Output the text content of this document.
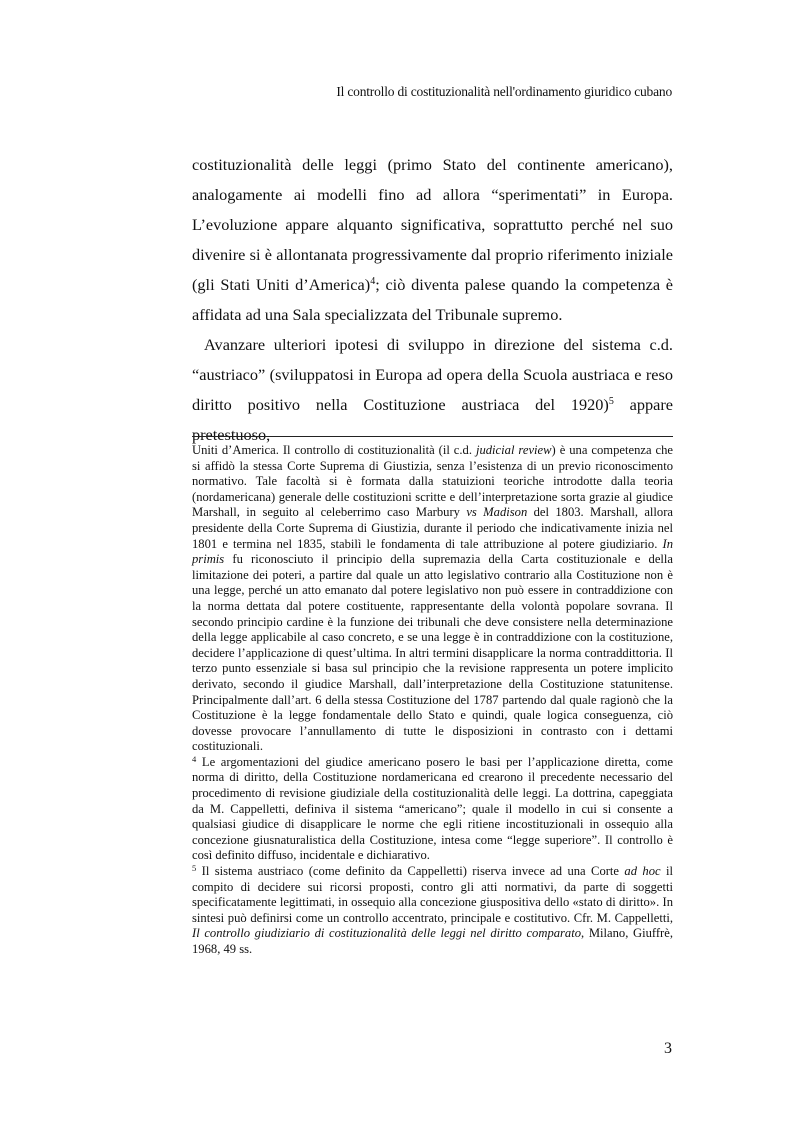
Il controllo di costituzionalità nell'ordinamento giuridico cubano

costituzionalità delle leggi (primo Stato del continente americano), analogamente ai modelli fino ad allora “sperimentati” in Europa. L’evoluzione appare alquanto significativa, soprattutto perché nel suo divenire si è allontanata progressivamente dal proprio riferimento iniziale (gli Stati Uniti d’America)$^4$; ciò diventa palese quando la competenza è affidata ad una Sala specializzata del Tribunale supremo.

Avanzare ulteriori ipotesi di sviluppo in direzione del sistema c.d. “austriaco” (sviluppatosi in Europa ad opera della Scuola austriaca e reso diritto positivo nella Costituzione austriaca del 1920)$^5$ appare pretestuoso,

Uniti d’America. Il controllo di costituzionalità (il c.d. judicial review) è una competenza che si affidò la stessa Corte Suprema di Giustizia, senza l’esistenza di un previo riconoscimento normativo. Tale facoltà si è formata dalla statuizioni teoriche introdotte dalla teoria (nordamericana) generale delle costituzioni scritte e dell’interpretazione sorta grazie al giudice Marshall, in seguito al celeberrimo caso Marbury vs Madison del 1803. Marshall, allora presidente della Corte Suprema di Giustizia, durante il periodo che indicativamente inizia nel 1801 e termina nel 1835, stabilì le fondamenta di tale attribuzione al potere giudiziario. In primis fu riconosciuto il principio della supremazia della Carta costituzionale e della limitazione dei poteri, a partire dal quale un atto legislativo contrario alla Costituzione non è una legge, perché un atto emanato dal potere legislativo non può essere in contraddizione con la norma dettata dal potere costituente, rappresentante della volontà popolare sovrana. Il secondo principio cardine è la funzione dei tribunali che deve consistere nella determinazione della legge applicabile al caso concreto, e se una legge è in contraddizione con la costituzione, decidere l’applicazione di quest’ultima. In altri termini disapplicare la norma contraddittoria. Il terzo punto essenziale si basa sul principio che la revisione rappresenta un potere implicito derivato, secondo il giudice Marshall, dall’interpretazione della Costituzione statunitense. Principalmente dall’art. 6 della stessa Costituzione del 1787 partendo dal quale ragionò che la Costituzione è la legge fondamentale dello Stato e quindi, quale logica conseguenza, ciò dovesse provocare l’annullamento di tutte le disposizioni in contrasto con i dettami costituzionali.

$^4$ Le argomentazioni del giudice americano posero le basi per l’applicazione diretta, come norma di diritto, della Costituzione nordamericana ed crearono il precedente necessario del procedimento di revisione giudiziale della costituzionalità delle leggi. La dottrina, capeggiata da M. Cappelletti, definiva il sistema “americano”; quale il modello in cui si consente a qualsiasi giudice di disapplicare le norme che egli ritiene incostituzionali in ossequio alla concezione giusnaturalistica della Costituzione, intesa come “legge superiore”. Il controllo è così definito diffuso, incidentale e dichiarativo.

$^5$ Il sistema austriaco (come definito da Cappelletti) riserva invece ad una Corte ad hoc il compito di decidere sui ricorsi proposti, contro gli atti normativi, da parte di soggetti specificatamente legittimati, in ossequio alla concezione giuspositiva dello «stato di diritto». In sintesi può definirsi come un controllo accentrato, principale e costitutivo. Cfr. M. Cappelletti, Il controllo giudiziario di costituzionalità delle leggi nel diritto comparato, Milano, Giuffrè, 1968, 49 ss.

3
